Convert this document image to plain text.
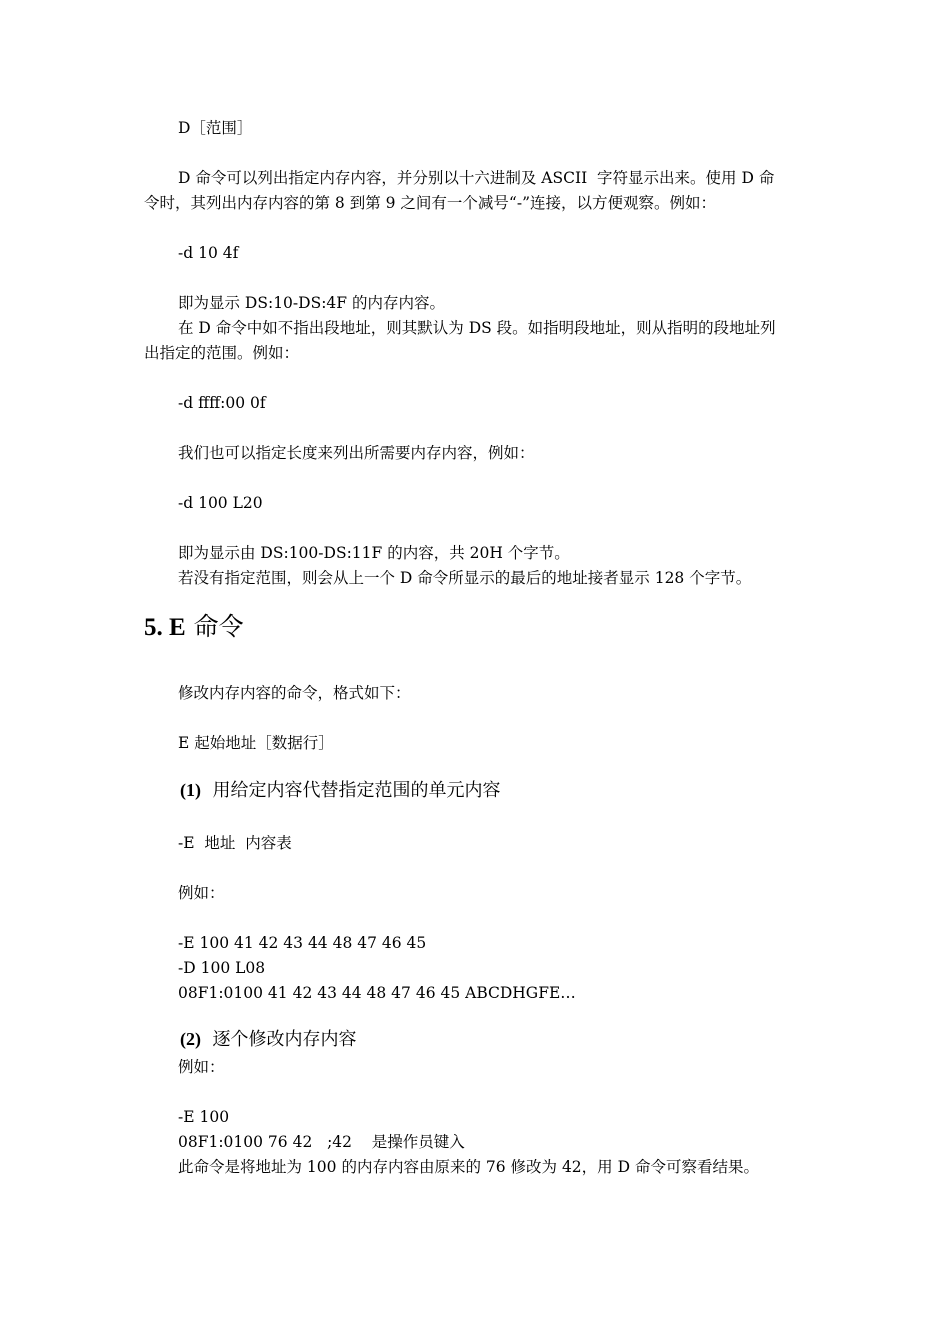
D［范围］
D 命令可以列出指定内存内容，并分别以十六进制及 ASCII  字符显示出来。使用 D 命
令时，其列出内存内容的第 8 到第 9 之间有一个减号“-”连接，以方便观察。例如：
-d 10 4f
即为显示 DS:10-DS:4F 的内存内容。
在 D 命令中如不指出段地址，则其默认为 DS 段。如指明段地址，则从指明的段地址列
出指定的范围。例如：
-d ffff:00 0f
我们也可以指定长度来列出所需要内存内容，例如：
-d 100 L20
即为显示由 DS:100-DS:11F 的内容，共 20H 个字节。
若没有指定范围，则会从上一个 D 命令所显示的最后的地址接者显示 128 个字节。
5. E 命令
修改内存内容的命令，格式如下：
E 起始地址［数据行］
(1)  用给定内容代替指定范围的单元内容
-E  地址  内容表
例如：
-E 100 41 42 43 44 48 47 46 45
-D 100 L08
08F1:0100 41 42 43 44 48 47 46 45 ABCDHGFE…
(2)  逐个修改内存内容
例如：
-E 100
08F1:0100 76 42   ;42    是操作员键入
此命令是将地址为 100 的内存内容由原来的 76 修改为 42，用 D 命令可察看结果。
